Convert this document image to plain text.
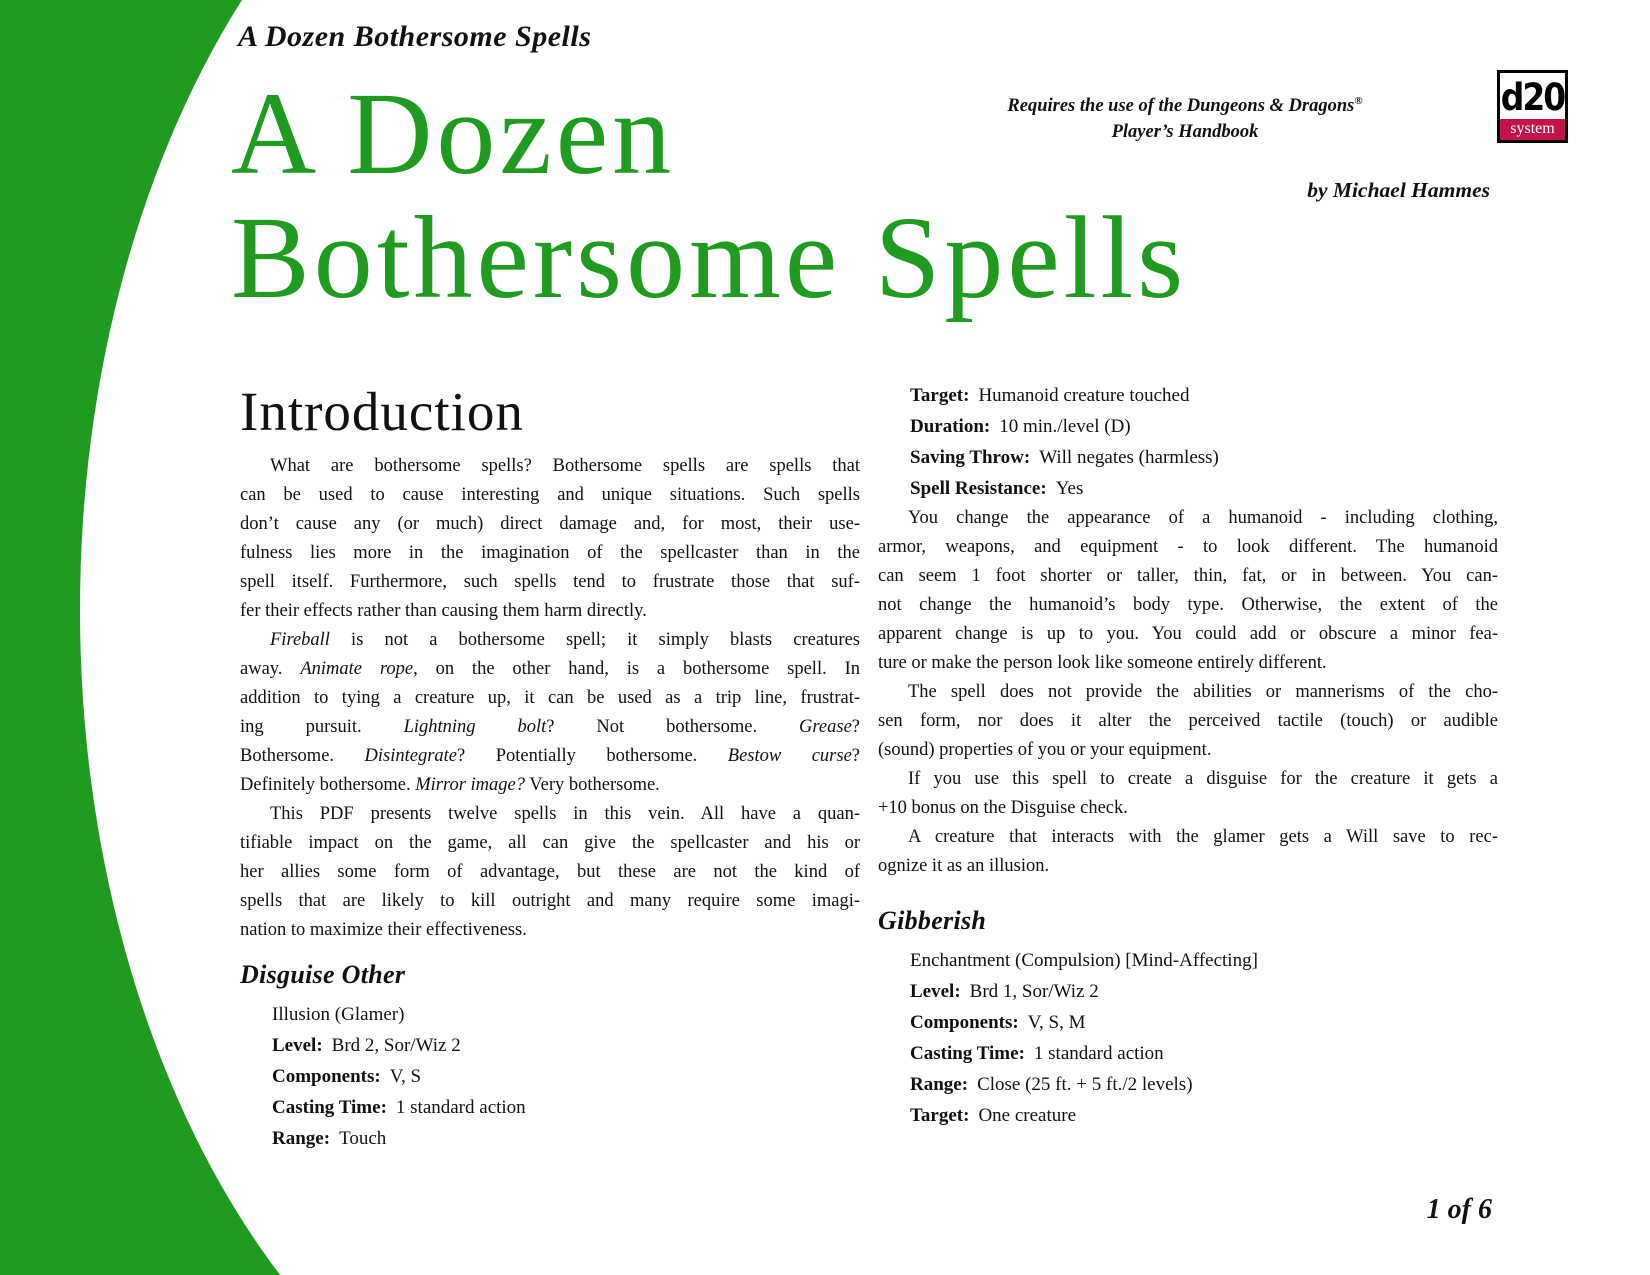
A Dozen Bothersome Spells
A Dozen
Bothersome Spells
Requires the use of the Dungeons & Dragons®
Player’s Handbook
d20
system
by Michael Hammes
Introduction
What are bothersome spells? Bothersome spells are spells that
can be used to cause interesting and unique situations. Such spells
don’t cause any (or much) direct damage and, for most, their use-
fulness lies more in the imagination of the spellcaster than in the
spell itself. Furthermore, such spells tend to frustrate those that suf-
fer their effects rather than causing them harm directly.
Fireball is not a bothersome spell; it simply blasts creatures
away. Animate rope, on the other hand, is a bothersome spell. In
addition to tying a creature up, it can be used as a trip line, frustrat-
ing pursuit. Lightning bolt? Not bothersome. Grease?
Bothersome. Disintegrate? Potentially bothersome. Bestow curse?
Definitely bothersome. Mirror image? Very bothersome.
This PDF presents twelve spells in this vein. All have a quan-
tifiable impact on the game, all can give the spellcaster and his or
her allies some form of advantage, but these are not the kind of
spells that are likely to kill outright and many require some imagi-
nation to maximize their effectiveness.
Disguise Other
Illusion (Glamer)
Level: Brd 2, Sor/Wiz 2
Components: V, S
Casting Time: 1 standard action
Range: Touch
Target: Humanoid creature touched
Duration: 10 min./level (D)
Saving Throw: Will negates (harmless)
Spell Resistance: Yes
You change the appearance of a humanoid - including clothing,
armor, weapons, and equipment - to look different. The humanoid
can seem 1 foot shorter or taller, thin, fat, or in between. You can-
not change the humanoid’s body type. Otherwise, the extent of the
apparent change is up to you. You could add or obscure a minor fea-
ture or make the person look like someone entirely different.
The spell does not provide the abilities or mannerisms of the cho-
sen form, nor does it alter the perceived tactile (touch) or audible
(sound) properties of you or your equipment.
If you use this spell to create a disguise for the creature it gets a
+10 bonus on the Disguise check.
A creature that interacts with the glamer gets a Will save to rec-
ognize it as an illusion.
Gibberish
Enchantment (Compulsion) [Mind-Affecting]
Level: Brd 1, Sor/Wiz 2
Components: V, S, M
Casting Time: 1 standard action
Range: Close (25 ft. + 5 ft./2 levels)
Target: One creature
1 of 6
